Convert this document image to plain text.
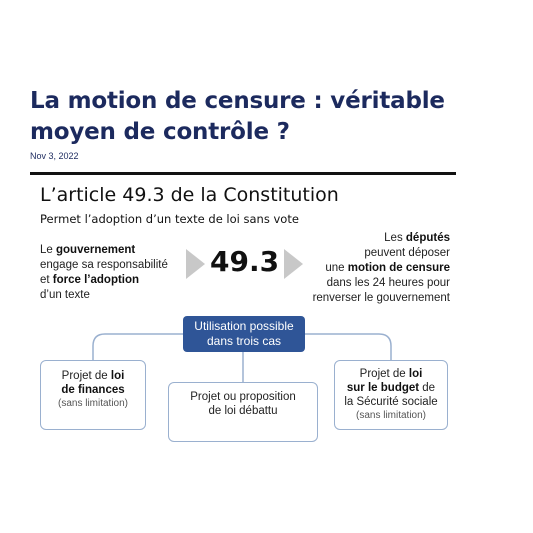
La motion de censure : véritable moyen de contrôle ?
Nov 3, 2022
L’article 49.3 de la Constitution
Permet l’adoption d’un texte de loi sans vote
Le gouvernement
engage sa responsabilité
et force l’adoption
d’un texte
49.3
Les députés
peuvent déposer
une motion de censure
dans les 24 heures pour
renverser le gouvernement
Utilisation possible
dans trois cas
Projet de loi
de finances
(sans limitation)
Projet ou proposition
de loi débattu
Projet de loi
sur le budget de
la Sécurité sociale
(sans limitation)
